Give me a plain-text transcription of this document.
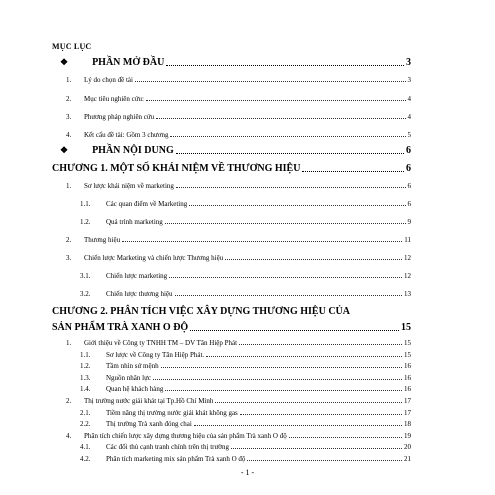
MỤC LỤC
❖ PHẦN MỞ ĐẦU	3
1.	Lý do chọn đề tài	3
2.	Mục tiêu nghiên cứu:	4
3.	Phương pháp nghiên cứu	4
4.	Kết cấu đề tài: Gồm 3 chương	5
❖ PHẦN NỘI DUNG	6
CHƯƠNG 1. MỘT SỐ KHÁI NIỆM VỀ THƯƠNG HIỆU	6
1.	Sơ lược khái niệm về marketing	6
1.1.	Các quan điểm về Marketing	6
1.2.	Quá trình marketing	9
2.	Thương hiệu	11
3.	Chiến lược Marketing và chiến lược Thương hiệu	12
3.1.	Chiến lược marketing	12
3.2.	Chiến lược thương hiệu	13
CHƯƠNG 2. PHÂN TÍCH VIỆC XÂY DỰNG THƯƠNG HIỆU CỦA
SẢN PHẨM TRÀ XANH O ĐỘ	15
1.	Giới thiệu về Công ty TNHH TM – DV Tân Hiệp Phát	15
1.1.	Sơ lược về Công ty Tân Hiệp Phát.	15
1.2.	Tầm nhìn sứ mệnh	16
1.3.	Nguồn nhân lực	16
1.4.	Quan hệ khách hàng	16
2.	Thị trường nước giải khát tại Tp.Hồ Chí Minh	17
2.1.	Tiềm năng thị trường nước giải khát không gas	17
2.2.	Thị trường Trà xanh đóng chai	18
4.	Phân tích chiến lược xây dựng thương hiệu của sản phẩm Trà xanh O độ	19
4.1.	Các đối thủ cạnh tranh chính trên thị trường	20
4.2.	Phân tích marketing mix sản phẩm Trà xanh O độ	21
- 1 -
